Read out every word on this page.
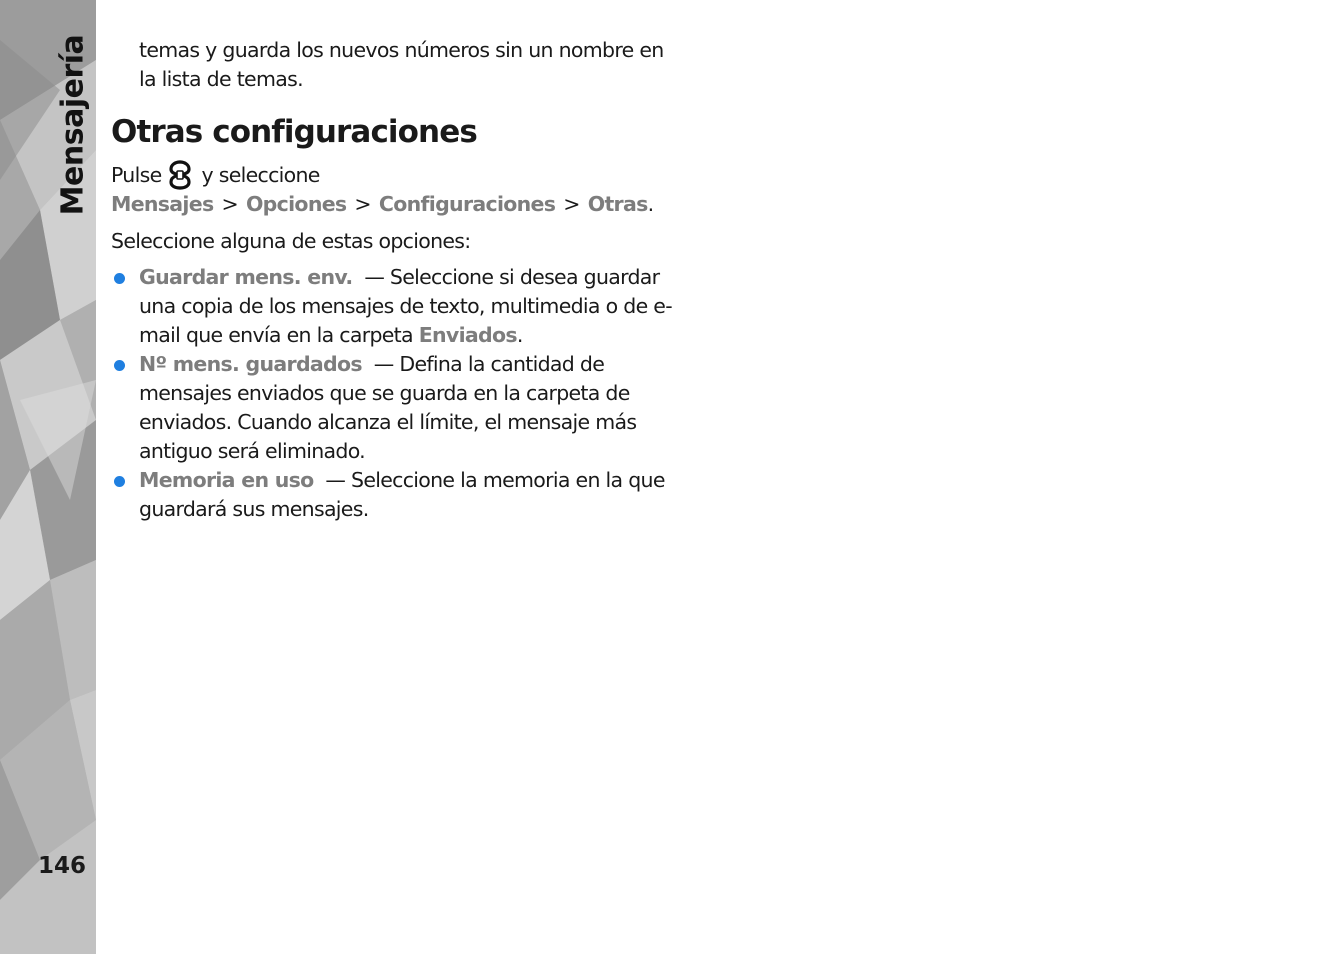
Mensajería
146

temas y guarda los nuevos números sin un nombre en la lista de temas.

Otras configuraciones

Pulse y seleccione Mensajes > Opciones > Configuraciones > Otras.

Seleccione alguna de estas opciones:

Guardar mens. env. — Seleccione si desea guardar una copia de los mensajes de texto, multimedia o de e-mail que envía en la carpeta Enviados.
Nº mens. guardados — Defina la cantidad de mensajes enviados que se guarda en la carpeta de enviados. Cuando alcanza el límite, el mensaje más antiguo será eliminado.
Memoria en uso — Seleccione la memoria en la que guardará sus mensajes.
